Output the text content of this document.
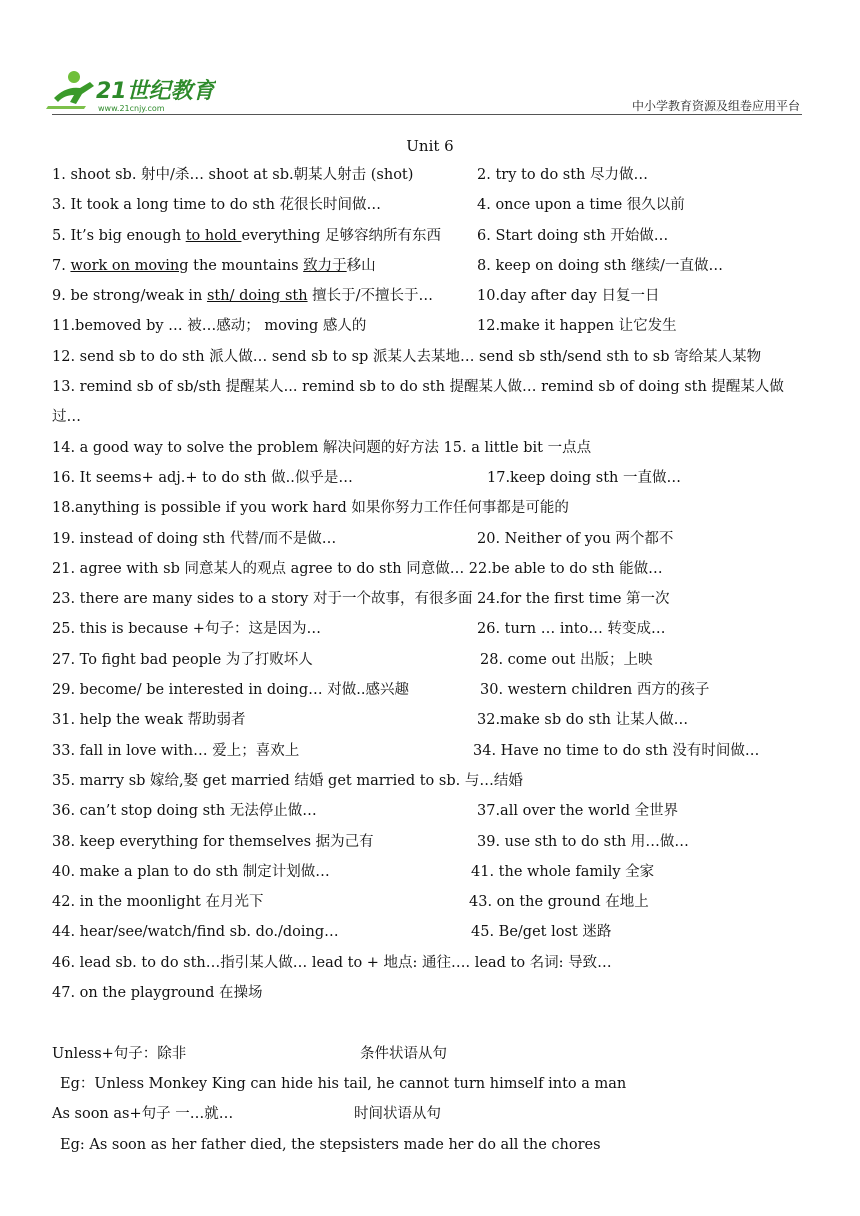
21世纪教育
www.21cnjy.com	中小学教育资源及组卷应用平台
Unit 6
1. shoot sb. 射中/杀… shoot at sb.朝某人射击 (shot)	2. try to do sth 尽力做…
3. It took a long time to do sth 花很长时间做…	4. once upon a time 很久以前
5. It’s big enough to hold everything 足够容纳所有东西 6. Start doing sth 开始做…
7. work on moving the mountains 致力于移山	8. keep on doing sth 继续/一直做…
9. be strong/weak in sth/ doing sth 擅长于/不擅长于…	10.day after day 日复一日
11.bemoved by … 被…感动； moving 感人的	12.make it happen 让它发生
12. send sb to do sth 派人做… send sb to sp 派某人去某地… send sb sth/send sth to sb 寄给某人某物
13. remind sb of sb/sth 提醒某人... remind sb to do sth 提醒某人做… remind sb of doing sth 提醒某人做过…
14. a good way to solve the problem 解决问题的好方法 15. a little bit 一点点
16. It seems+ adj.+ to do sth 做..似乎是…	17.keep doing sth 一直做…
18.anything is possible if you work hard 如果你努力工作任何事都是可能的
19. instead of doing sth 代替/而不是做…	20. Neither of you 两个都不
21. agree with sb 同意某人的观点 agree to do sth 同意做… 22.be able to do sth 能做…
23. there are many sides to a story 对于一个故事，有很多面 24.for the first time 第一次
25. this is because +句子：这是因为…	26. turn … into… 转变成…
27. To fight bad people 为了打败坏人	28. come out 出版；上映
29. become/ be interested in doing… 对做..感兴趣	30. western children 西方的孩子
31. help the weak 帮助弱者	32.make sb do sth 让某人做…
33. fall in love with… 爱上；喜欢上	34. Have no time to do sth 没有时间做…
35. marry sb 嫁给,娶 get married 结婚 get married to sb. 与…结婚
36. can’t stop doing sth 无法停止做…	37.all over the world 全世界
38. keep everything for themselves 据为己有	39. use sth to do sth 用…做…
40. make a plan to do sth 制定计划做…	41. the whole family 全家
42. in the moonlight 在月光下	43. on the ground 在地上
44. hear/see/watch/find sb. do./doing…	45. Be/get lost 迷路
46. lead sb. to do sth…指引某人做… lead to + 地点: 通往…. lead to 名词: 导致…
47. on the playground 在操场
Unless+句子：除非	条件状语从句
Eg：Unless Monkey King can hide his tail, he cannot turn himself into a man
As soon as+句子 一…就…	时间状语从句
Eg: As soon as her father died, the stepsisters made her do all the chores
